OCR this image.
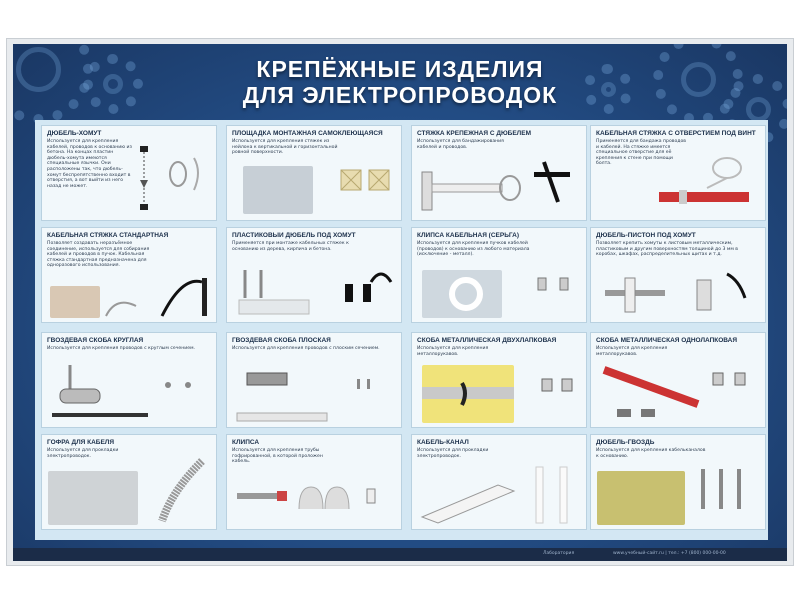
КРЕПЁЖНЫЕ ИЗДЕЛИЯ
ДЛЯ ЭЛЕКТРОПРОВОДОК
ДЮБЕЛЬ-ХОМУТ
Используется для крепления кабелей, проводов к основанию из бетона. На концах пластин дюбель-хомута имеются специальные язычки. Они расположены так, что дюбель-хомут беспрепятственно входит в отверстия, а вот выйти из него назад не может.
ПЛОЩАДКА МОНТАЖНАЯ САМОКЛЕЮЩАЯСЯ
Используется для крепления стяжек из нейлона к вертикальной и горизонтальной ровной поверхности.
СТЯЖКА КРЕПЁЖНАЯ С ДЮБЕЛЕМ
Используется для бандажирования кабелей и проводов.
КАБЕЛЬНАЯ СТЯЖКА С ОТВЕРСТИЕМ ПОД ВИНТ
Применяется для бандажа проводов и кабелей. На стяжке имеется специальное отверстие для её крепления к стене при помощи болта.
КАБЕЛЬНАЯ СТЯЖКА СТАНДАРТНАЯ
Позволяет создавать неразъёмное соединение, используется для собирания кабелей и проводов в пучок. Кабельная стяжка стандартная предназначена для одноразового использования.
ПЛАСТИКОВЫЙ ДЮБЕЛЬ ПОД ХОМУТ
Применяется при монтаже кабельных стяжек к основанию из дерева, кирпича и бетона.
КЛИПСА КАБЕЛЬНАЯ (СЕРЬГА)
Используется для крепления пучков кабелей (проводов) к основанию из любого материала (исключение - металл).
ДЮБЕЛЬ-ПИСТОН ПОД ХОМУТ
Позволяет крепить хомуты к листовым металлическим, пластиковым и другим поверхностям толщиной до 3 мм в коробах, шкафах, распределительных щитах и т.д.
ГВОЗДЕВАЯ СКОБА КРУГЛАЯ
Используется для крепления проводов с круглым сечением.
ГВОЗДЕВАЯ СКОБА ПЛОСКАЯ
Используется для крепления проводов с плоским сечением.
СКОБА МЕТАЛЛИЧЕСКАЯ ДВУХЛАПКОВАЯ
Используется для крепления металлорукавов.
СКОБА МЕТАЛЛИЧЕСКАЯ ОДНОЛАПКОВАЯ
Используется для крепления металлорукавов.
ГОФРА ДЛЯ КАБЕЛЯ
Используется для прокладки электропроводок.
КЛИПСА
Используется для крепления трубы гофрированной, в которой проложен кабель.
КАБЕЛЬ-КАНАЛ
Используется для прокладки электропроводок.
ДЮБЕЛЬ-ГВОЗДЬ
Используется для крепления кабельканалов к основанию.
Лаборатория	www.учебный-сайт.ru | тел.: +7 (800) 000-00-00
